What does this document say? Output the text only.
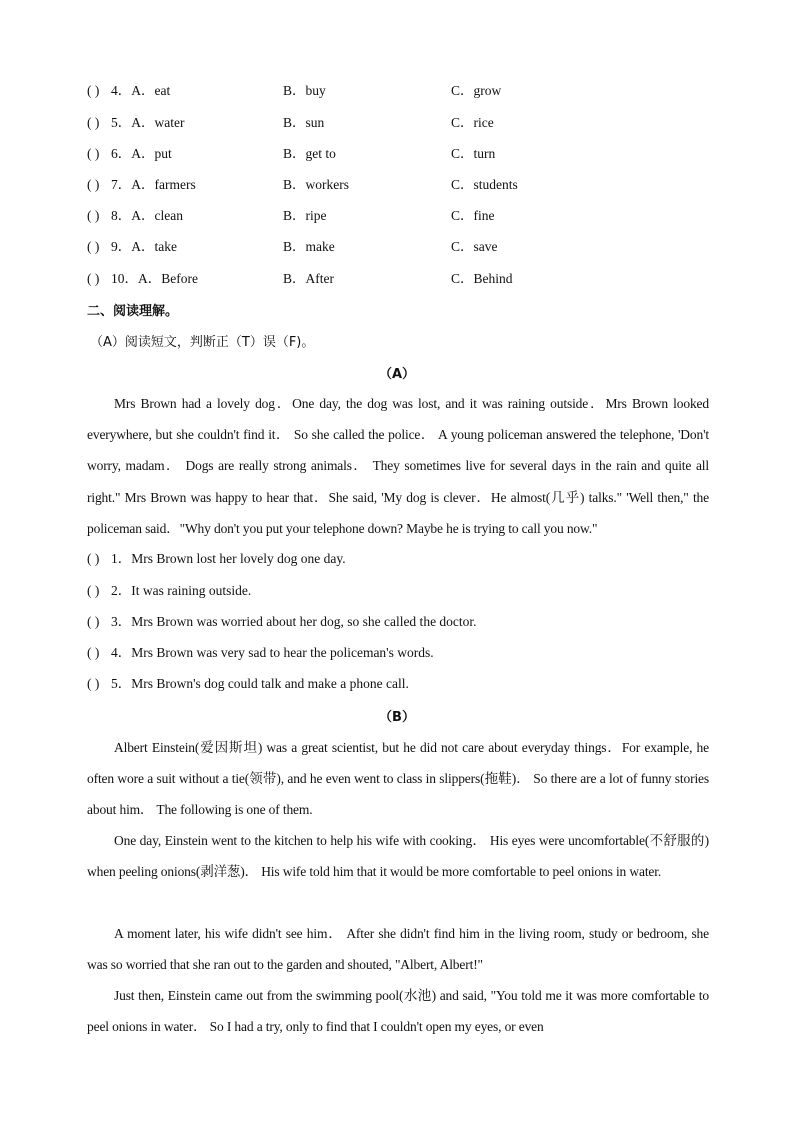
( ) 4．A．eat	B．buy	C．grow
( ) 5．A．water	B．sun	C．rice
( ) 6．A．put	B．get to	C．turn
( ) 7．A．farmers	B．workers	C．students
( ) 8．A．clean	B．ripe	C．fine
( ) 9．A．take	B．make	C．save
( ) 10．A．Before	B．After	C．Behind
二、阅读理解。
（A）阅读短文，判断正（T）误（F)。
（A）
Mrs Brown had a lovely dog．One day, the dog was lost, and it was raining outside．Mrs Brown looked everywhere, but she couldn't find it． So she called the police． A young policeman answered the telephone, 'Don't worry, madam． Dogs are really strong animals． They sometimes live for several days in the rain and quite all right." Mrs Brown was happy to hear that．She said, 'My dog is clever．He almost(几乎) talks." 'Well then," the policeman said．"Why don't you put your telephone down? Maybe he is trying to call you now."
( ) 1．Mrs Brown lost her lovely dog one day.
( ) 2．It was raining outside.
( ) 3．Mrs Brown was worried about her dog, so she called the doctor.
( ) 4．Mrs Brown was very sad to hear the policeman's words.
( ) 5．Mrs Brown's dog could talk and make a phone call.
（B）
Albert Einstein(爱因斯坦) was a great scientist, but he did not care about everyday things．For example, he often wore a suit without a tie(领带), and he even went to class in slippers(拖鞋)． So there are a lot of funny stories about him． The following is one of them.
One day, Einstein went to the kitchen to help his wife with cooking． His eyes were uncomfortable(不舒服的) when peeling onions(剥洋葱)． His wife told him that it would be more comfortable to peel onions in water.
A moment later, his wife didn't see him． After she didn't find him in the living room, study or bedroom, she was so worried that she ran out to the garden and shouted, "Albert, Albert!"
Just then, Einstein came out from the swimming pool(水池) and said, "You told me it was more comfortable to peel onions in water． So I had a try, only to find that I couldn't open my eyes, or even
